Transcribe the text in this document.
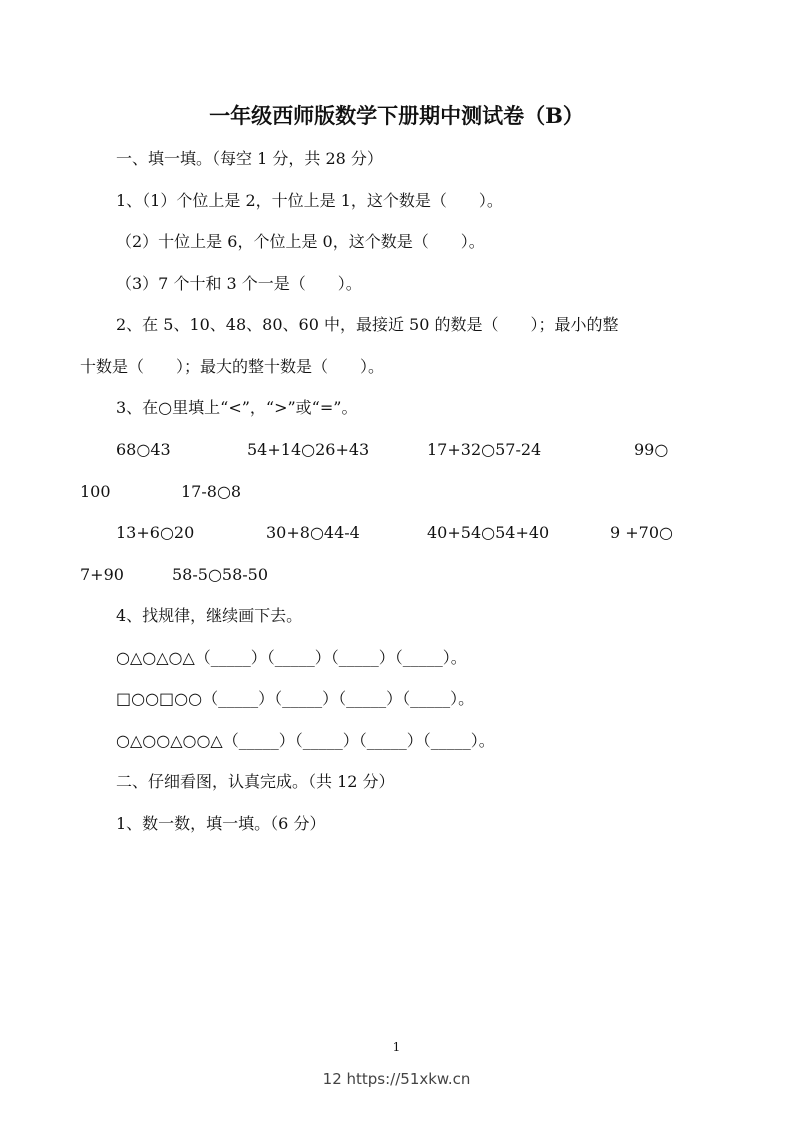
一年级西师版数学下册期中测试卷（B）

一、填一填。（每空 1 分，共 28 分）

1、（1）个位上是 2，十位上是 1，这个数是（　　）。

（2）十位上是 6，个位上是 0，这个数是（　　）。

（3）7 个十和 3 个一是（　　）。

2、在 5、10、48、80、60 中，最接近 50 的数是（　　）；最小的整

十数是（　　）；最大的整十数是（　　）。

3、在○里填上“<”，“>”或“=”。

68○43	54+14○26+43	17+32○57-24	99○
100	17-8○8
13+6○20	30+8○44-4	40+54○54+40	9 +70○
7+90	58-5○58-50

4、找规律，继续画下去。

○△○△○△（_____）（_____）（_____）（_____）。

□○○□○○（_____）（_____）（_____）（_____）。

○△○○△○○△（_____）（_____）（_____）（_____）。

二、仔细看图，认真完成。（共 12 分）

1、数一数，填一填。（6 分）

1
12 https://51xkw.cn
